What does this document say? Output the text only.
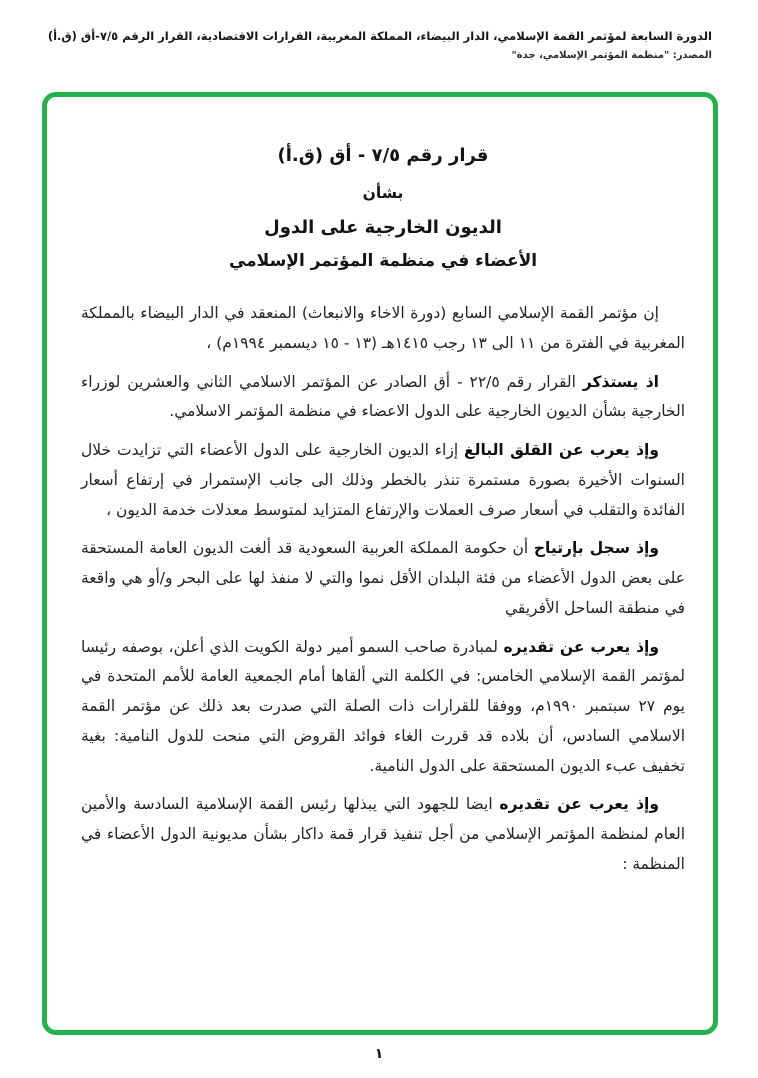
الدورة السابعة لمؤتمر القمة الإسلامي، الدار البيضاء، المملكة المغربية، القرارات الاقتصادية، القرار الرقم ٧/٥-أق (ق.أ)
المصدر: "منظمة المؤتمر الإسلامي، جدة"
قرار رقم ٧/٥ - أق (ق.أ)
بشأن
الديون الخارجية على الدول
الأعضاء في منظمة المؤتمر الإسلامي

إن مؤتمر القمة الإسلامي السابع (دورة الاخاء والانبعاث) المنعقد في الدار البيضاء بالمملكة المغربية في الفترة من ١١ الى ١٣ رجب ١٤١٥هـ (١٣ - ١٥ ديسمبر ١٩٩٤م) ،

اذ يستذكر القرار رقم ٢٢/٥ - أق الصادر عن المؤتمر الاسلامي الثاني والعشرين لوزراء الخارجية بشأن الديون الخارجية على الدول الاعضاء في منظمة المؤتمر الاسلامي.

وإذ يعرب عن القلق البالغ إزاء الديون الخارجية على الدول الأعضاء التي تزايدت خلال السنوات الأخيرة بصورة مستمرة تنذر بالخطر وذلك الى جانب الإستمرار في إرتفاع أسعار الفائدة والتقلب في أسعار صرف العملات والإرتفاع المتزايد لمتوسط معدلات خدمة الديون ،

وإذ سجل بإرتياح أن حكومة المملكة العربية السعودية قد ألغت الديون العامة المستحقة على بعض الدول الأعضاء من فئة البلدان الأقل نموا والتي لا منفذ لها على البحر و/أو هي واقعة في منطقة الساحل الأفريقي

وإذ يعرب عن تقديره لمبادرة صاحب السمو أمير دولة الكويت الذي أعلن، بوصفه رئيسا لمؤتمر القمة الإسلامي الخامس: في الكلمة التي ألقاها أمام الجمعية العامة للأمم المتحدة في يوم ٢٧ سبتمبر ١٩٩٠م، ووفقا للقرارات ذات الصلة التي صدرت بعد ذلك عن مؤتمر القمة الاسلامي السادس، أن بلاده قد قررت الغاء فوائد القروض التي منحت للدول النامية: بغية تخفيف عبء الديون المستحقة على الدول النامية.

وإذ يعرب عن تقديره ايضا للجهود التي يبذلها رئيس القمة الإسلامية السادسة والأمين العام لمنظمة المؤتمر الإسلامي من أجل تنفيذ قرار قمة داكار بشأن مديونية الدول الأعضاء في المنظمة :

١
